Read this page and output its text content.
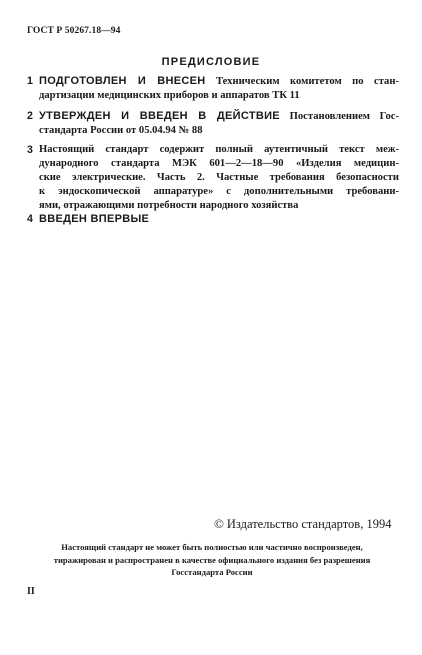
ГОСТ Р 50267.18—94
ПРЕДИСЛОВИЕ
1 ПОДГОТОВЛЕН И ВНЕСЕН Техническим комитетом по стан-
дартизации медицинских приборов и аппаратов ТК 11
2 УТВЕРЖДЕН И ВВЕДЕН В ДЕЙСТВИЕ Постановлением Гос-
стандарта России от 05.04.94 № 88
3 Настоящий стандарт содержит полный аутентичный текст меж-
дународного стандарта МЭК 601—2—18—90 «Изделия медицин-
ские электрические. Часть 2. Частные требования безопасности
к эндоскопической аппаратуре» с дополнительными требовани-
ями, отражающими потребности народного хозяйства
4 ВВЕДЕН ВПЕРВЫЕ
© Издательство стандартов, 1994
Настоящий стандарт не может быть полностью или частично воспроизведен,
тиражирован и распространен в качестве официального издания без разрешения
Госстандарта России
II
